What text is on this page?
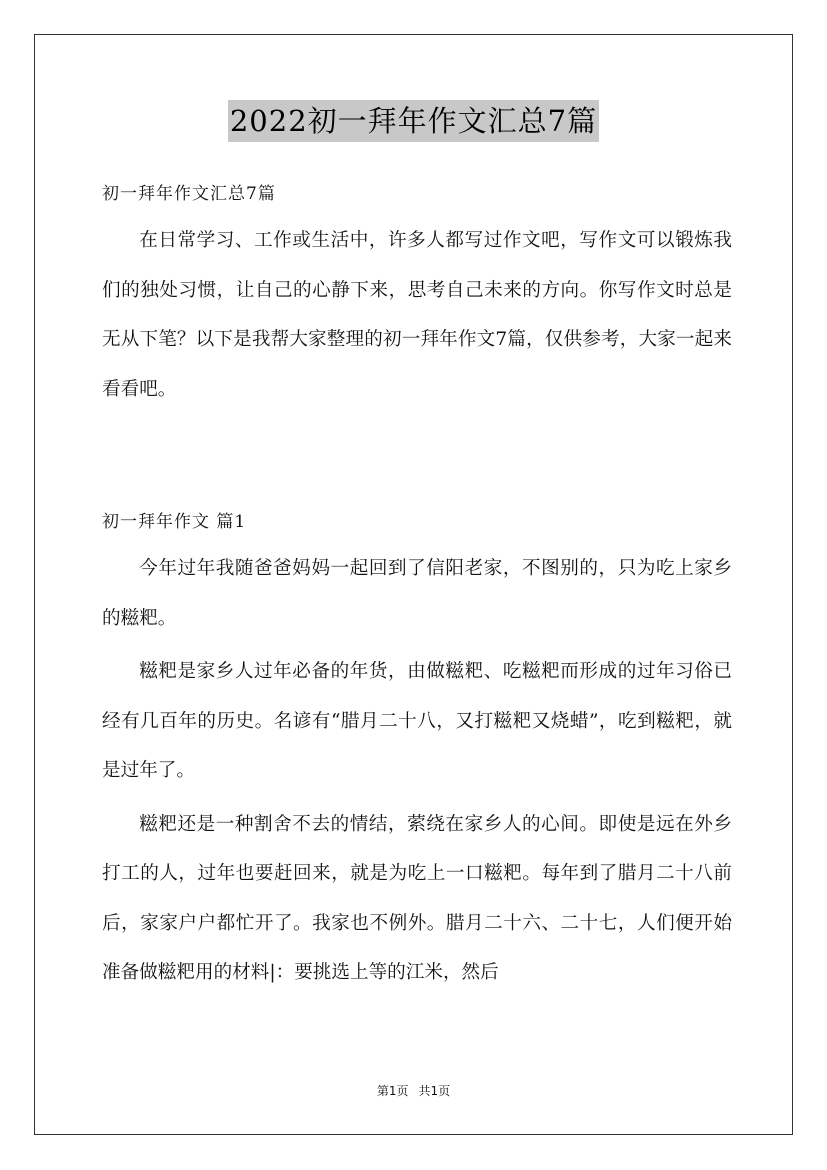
2022初一拜年作文汇总7篇
初一拜年作文汇总7篇

在日常学习、工作或生活中，许多人都写过作文吧，写作文可以锻炼我们的独处习惯，让自己的心静下来，思考自己未来的方向。你写作文时总是无从下笔？以下是我帮大家整理的初一拜年作文7篇，仅供参考，大家一起来看看吧。

初一拜年作文 篇1

今年过年我随爸爸妈妈一起回到了信阳老家，不图别的，只为吃上家乡的糍粑。

糍粑是家乡人过年必备的年货，由做糍粑、吃糍粑而形成的过年习俗已经有几百年的历史。名谚有“腊月二十八，又打糍粑又烧蜡”，吃到糍粑，就是过年了。

糍粑还是一种割舍不去的情结，萦绕在家乡人的心间。即使是远在外乡打工的人，过年也要赶回来，就是为吃上一口糍粑。每年到了腊月二十八前后，家家户户都忙开了。我家也不例外。腊月二十六、二十七，人们便开始准备做糍粑用的材料|：要挑选上等的江米，然后

第1页 共1页
